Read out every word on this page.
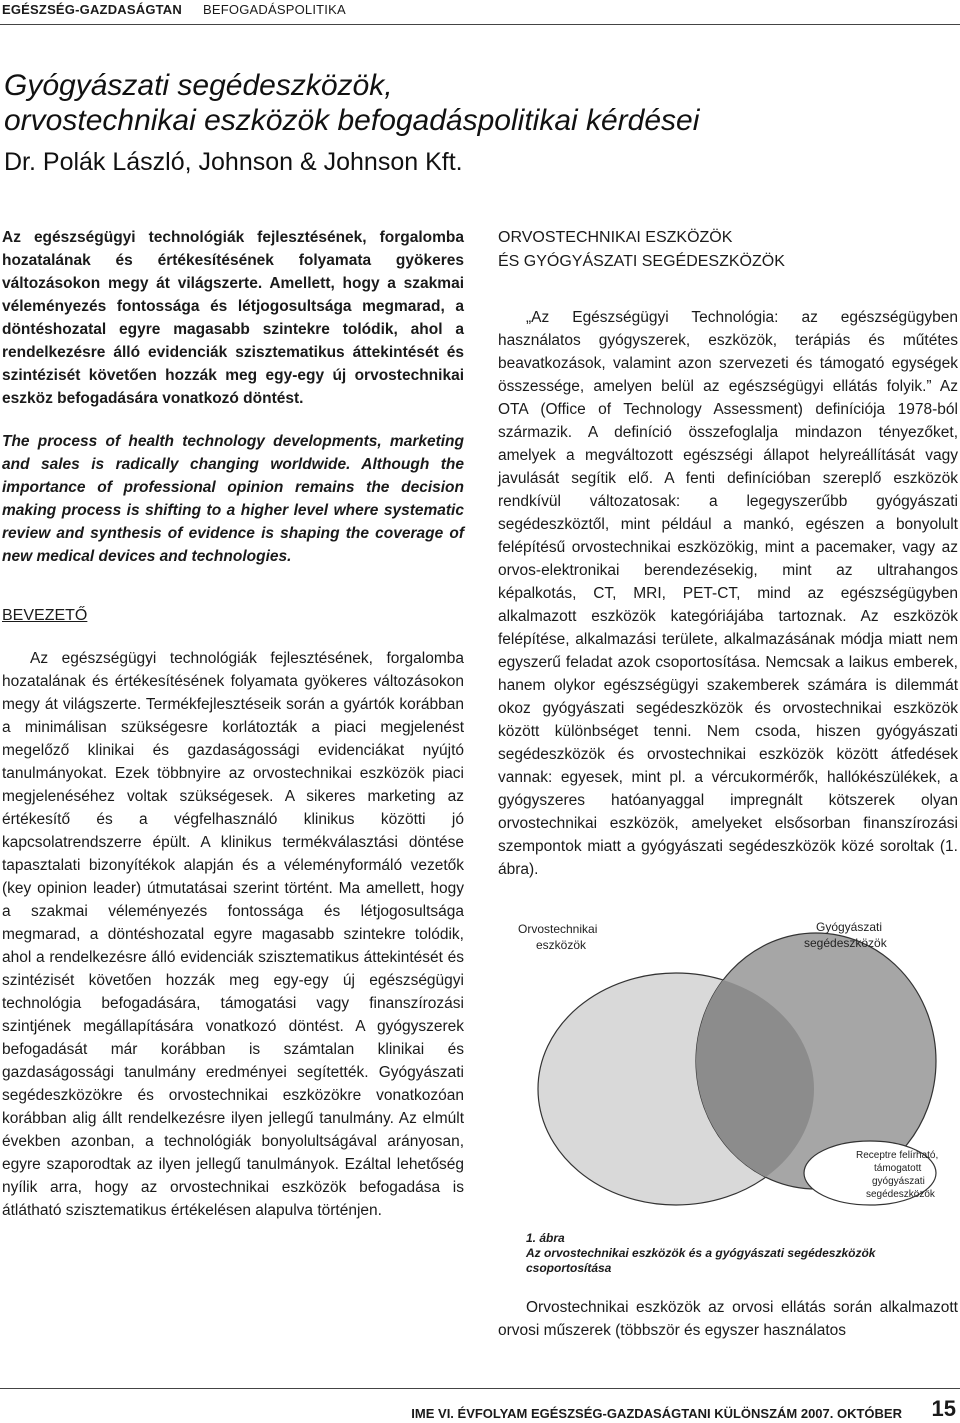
EGÉSZSÉG-GAZDASÁGTAN BEFOGADÁSPOLITIKA
Gyógyászati segédeszközök,
orvostechnikai eszközök befogadáspolitikai kérdései
Dr. Polák László, Johnson & Johnson Kft.

Az egészségügyi technológiák fejlesztésének, forgalomba hozatalának és értékesítésének folyamata gyökeres változásokon megy át világszerte. Amellett, hogy a szakmai véleményezés fontossága és létjogosultsága megmarad, a döntéshozatal egyre magasabb szintekre tolódik, ahol a rendelkezésre álló evidenciák szisztematikus áttekintését és szintézisét követően hozzák meg egy-egy új orvostechnikai eszköz befogadására vonatkozó döntést.

The process of health technology developments, marketing and sales is radically changing worldwide. Although the importance of professional opinion remains the decision making process is shifting to a higher level where systematic review and synthesis of evidence is shaping the coverage of new medical devices and technologies.

BEVEZETŐ

Az egészségügyi technológiák fejlesztésének, forgalomba hozatalának és értékesítésének folyamata gyökeres változásokon megy át világszerte. Termékfejlesztéseik során a gyártók korábban a minimálisan szükségesre korlátozták a piaci megjelenést megelőző klinikai és gazdaságossági evidenciákat nyújtó tanulmányokat. Ezek többnyire az orvostechnikai eszközök piaci megjelenéséhez voltak szükségesek. A sikeres marketing az értékesítő és a végfelhasználó klinikus közötti jó kapcsolatrendszerre épült. A klinikus termékválasztási döntése tapasztalati bizonyítékok alapján és a véleményformáló vezetők (key opinion leader) útmutatásai szerint történt. Ma amellett, hogy a szakmai véleményezés fontossága és létjogosultsága megmarad, a döntéshozatal egyre magasabb szintekre tolódik, ahol a rendelkezésre álló evidenciák szisztematikus áttekintését és szintézisét követően hozzák meg egy-egy új egészségügyi technológia befogadására, támogatási vagy finanszírozási szintjének megállapítására vonatkozó döntést. A gyógyszerek befogadását már korábban is számtalan klinikai és gazdaságossági tanulmány eredményei segítették. Gyógyászati segédeszközökre és orvostechnikai eszközökre vonatkozóan korábban alig állt rendelkezésre ilyen jellegű tanulmány. Az elmúlt években azonban, a technológiák bonyolultságával arányosan, egyre szaporodtak az ilyen jellegű tanulmányok. Ezáltal lehetőség nyílik arra, hogy az orvostechnikai eszközök befogadása is átlátható szisztematikus értékelésen alapulva történjen.

ORVOSTECHNIKAI ESZKÖZÖK
ÉS GYÓGYÁSZATI SEGÉDESZKÖZÖK

„Az Egészségügyi Technológia: az egészségügyben használatos gyógyszerek, eszközök, terápiás és műtétes beavatkozások, valamint azon szervezeti és támogató egységek összessége, amelyen belül az egészségügyi ellátás folyik.” Az OTA (Office of Technology Assessment) definíciója 1978-ból származik. A definíció összefoglalja mindazon tényezőket, amelyek a megváltozott egészségi állapot helyreállítását vagy javulását segítik elő. A fenti definícióban szereplő eszközök rendkívül változatosak: a legegyszerűbb gyógyászati segédeszköztől, mint például a mankó, egészen a bonyolult felépítésű orvostechnikai eszközökig, mint a pacemaker, vagy az orvos-elektronikai berendezésekig, mint az ultrahangos képalkotás, CT, MRI, PET-CT, mind az egészségügyben alkalmazott eszközök kategóriájába tartoznak. Az eszközök felépítése, alkalmazási területe, alkalmazásának módja miatt nem egyszerű feladat azok csoportosítása. Nemcsak a laikus emberek, hanem olykor egészségügyi szakemberek számára is dilemmát okoz gyógyászati segédeszközök és orvostechnikai eszközök között különbséget tenni. Nem csoda, hiszen gyógyászati segédeszközök és orvostechnikai eszközök között átfedések vannak: egyesek, mint pl. a vércukormérők, hallókészülékek, a gyógyszeres hatóanyaggal impregnált kötszerek olyan orvostechnikai eszközök, amelyeket elsősorban finanszírozási szempontok miatt a gyógyászati segédeszközök közé soroltak (1. ábra).

Orvostechnikai
eszközök
Gyógyászati
segédeszközök
Receptre felírható,
támogatott
gyógyászati
segédeszközök
1. ábra
Az orvostechnikai eszközök és a gyógyászati segédeszközök csoportosítása

Orvostechnikai eszközök az orvosi ellátás során alkalmazott orvosi műszerek (többször és egyszer használatos

IME VI. ÉVFOLYAM EGÉSZSÉG-GAZDASÁGTANI KÜLÖNSZÁM 2007. OKTÓBER 15
